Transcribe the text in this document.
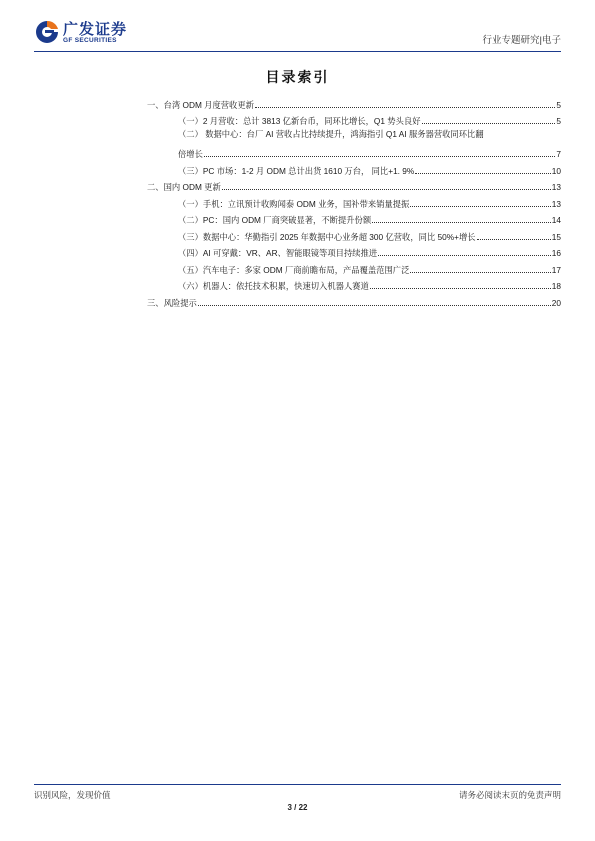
广发证券
GF SECURITIES	行业专题研究|电子
目录索引
一、台湾 ODM 月度营收更新	5
（一）2 月营收：总计 3813 亿新台币，同环比增长，Q1 势头良好	5
（二） 数据中心：台厂 AI 营收占比持续提升，鸿海指引 Q1 AI 服务器营收同环比翻
倍增长	7
（三）PC 市场：1-2 月 ODM 总计出货 1610 万台， 同比+1. 9%	10
二、国内 ODM 更新	13
（一）手机：立讯预计收购闻泰 ODM 业务，国补带来销量提振	13
（二）PC：国内 ODM 厂商突破显著，不断提升份额	14
（三）数据中心：华勤指引 2025 年数据中心业务超 300 亿营收，同比 50%+增长	15
（四）AI 可穿戴：VR、AR、智能眼镜等项目持续推进	16
（五）汽车电子：多家 ODM 厂商前瞻布局，产品覆盖范围广泛	17
（六）机器人：依托技术积累，快速切入机器人赛道	18
三、风险提示	20
识别风险，发现价值	请务必阅读末页的免责声明
3 / 22
